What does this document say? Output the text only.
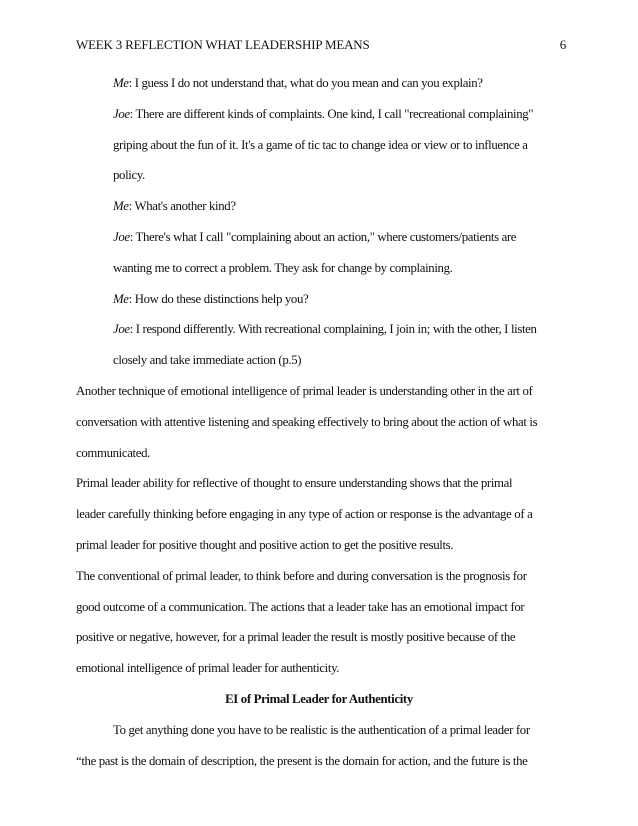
WEEK 3 REFLECTION WHAT LEADERSHIP MEANS	6
Me: I guess I do not understand that, what do you mean and can you explain?
Joe: There are different kinds of complaints. One kind, I call "recreational complaining"
griping about the fun of it. It's a game of tic tac to change idea or view or to influence a
policy.
Me: What's another kind?
Joe: There's what I call "complaining about an action," where customers/patients are
wanting me to correct a problem. They ask for change by complaining.
Me: How do these distinctions help you?
Joe: I respond differently. With recreational complaining, I join in; with the other, I listen
closely and take immediate action (p.5)
Another technique of emotional intelligence of primal leader is understanding other in the art of
conversation with attentive listening and speaking effectively to bring about the action of what is
communicated.
Primal leader ability for reflective of thought to ensure understanding shows that the primal
leader carefully thinking before engaging in any type of action or response is the advantage of a
primal leader for positive thought and positive action to get the positive results.
The conventional of primal leader, to think before and during conversation is the prognosis for
good outcome of a communication. The actions that a leader take has an emotional impact for
positive or negative, however, for a primal leader the result is mostly positive because of the
emotional intelligence of primal leader for authenticity.
EI of Primal Leader for Authenticity
To get anything done you have to be realistic is the authentication of a primal leader for
“the past is the domain of description, the present is the domain for action, and the future is the
